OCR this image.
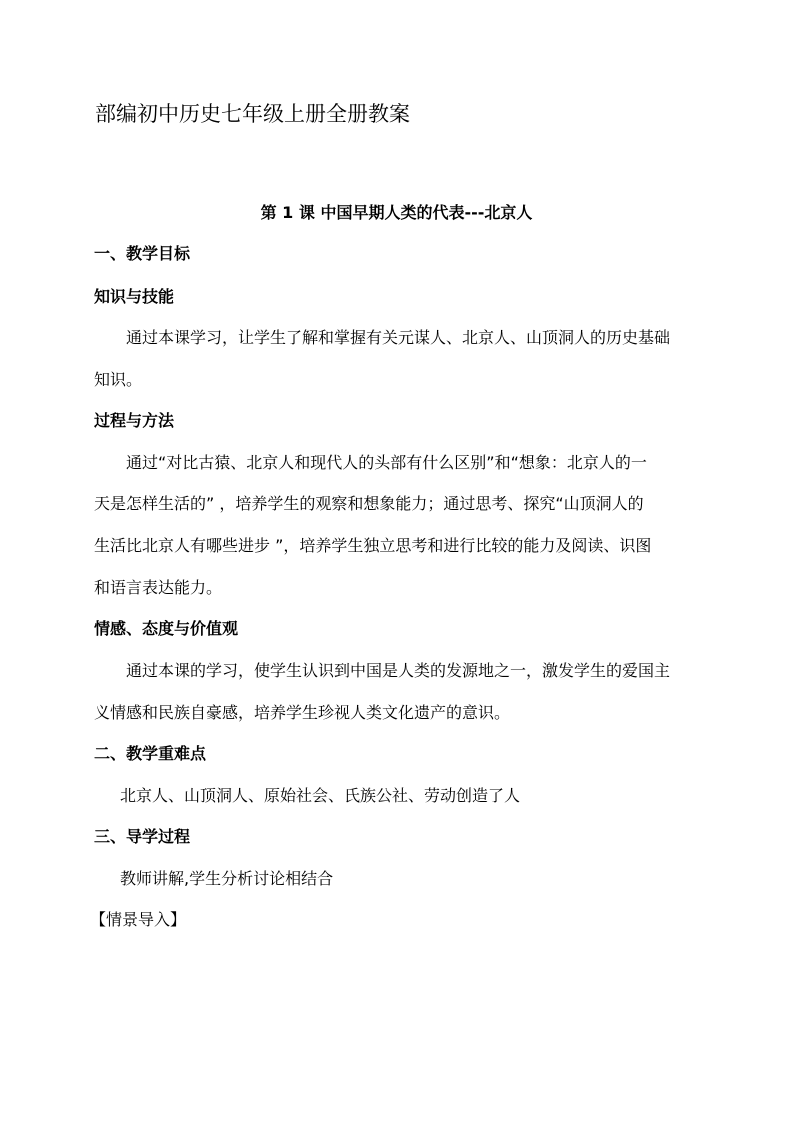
部编初中历史七年级上册全册教案
第 1 课 中国早期人类的代表---北京人
一、教学目标
知识与技能
通过本课学习，让学生了解和掌握有关元谋人、北京人、山顶洞人的历史基础
知识。
过程与方法
通过“对比古猿、北京人和现代人的头部有什么区别”和“想象：北京人的一
天是怎样生活的” ，培养学生的观察和想象能力；通过思考、探究“山顶洞人的
生活比北京人有哪些进步 ”，培养学生独立思考和进行比较的能力及阅读、识图
和语言表达能力。
情感、态度与价值观
通过本课的学习，使学生认识到中国是人类的发源地之一，激发学生的爱国主
义情感和民族自豪感，培养学生珍视人类文化遗产的意识。
二、教学重难点
北京人、山顶洞人、原始社会、氏族公社、劳动创造了人
三、导学过程
教师讲解,学生分析讨论相结合
【情景导入】
